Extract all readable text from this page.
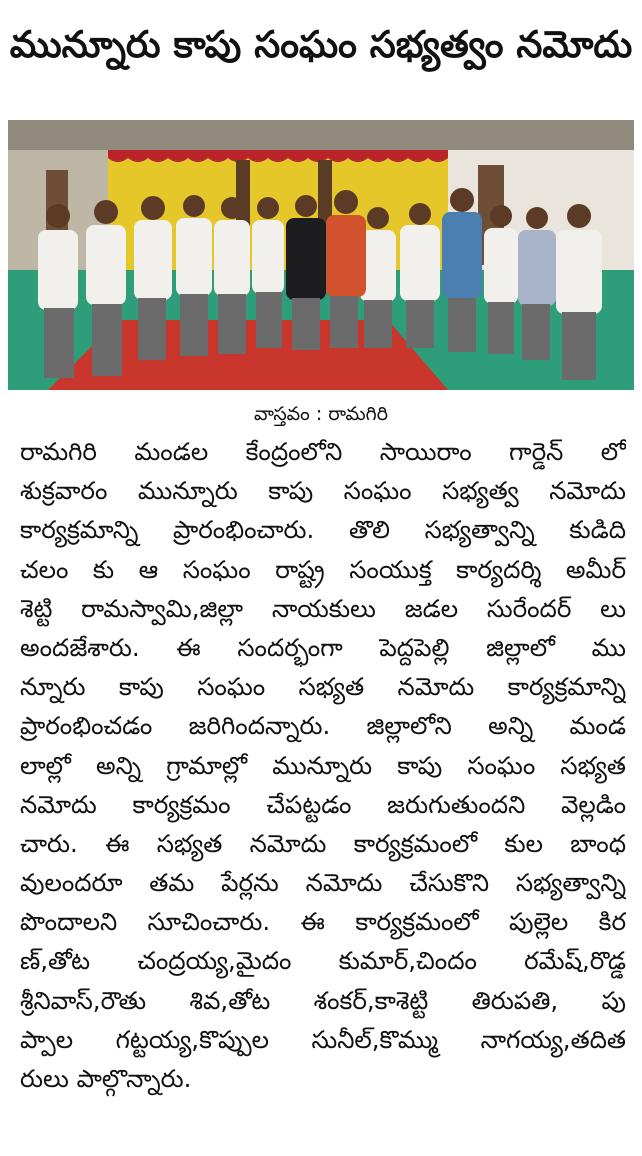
మున్నూరు కాపు సంఘం సభ్యత్వం నమోదు
వాస్తవం : రామగిరి
రామగిరి మండల కేంద్రంలోని సాయిరాం గార్డెన్ లో
శుక్రవారం మున్నూరు కాపు సంఘం సభ్యత్వ నమోదు
కార్యక్రమాన్ని ప్రారంభించారు. తొలి సభ్యత్వాన్ని కుడిది
చలం కు ఆ సంఘం రాష్ట్ర సంయుక్త కార్యదర్శి అమీర్
శెట్టి రామస్వామి,జిల్లా నాయకులు జడల సురేందర్ లు
అందజేశారు. ఈ సందర్భంగా పెద్దపెల్లి జిల్లాలో ము
న్నూరు కాపు సంఘం సభ్యత నమోదు కార్యక్రమాన్ని
ప్రారంభించడం జరిగిందన్నారు. జిల్లాలోని అన్ని మండ
లాల్లో అన్ని గ్రామాల్లో మున్నూరు కాపు సంఘం సభ్యత
నమోదు కార్యక్రమం చేపట్టడం జరుగుతుందని వెల్లడిం
చారు. ఈ సభ్యత నమోదు కార్యక్రమంలో కుల బాంధ
వులందరూ తమ పేర్లను నమోదు చేసుకొని సభ్యత్వాన్ని
పొందాలని సూచించారు. ఈ కార్యక్రమంలో పుల్లెల కిర
ణ్,తోట చంద్రయ్య,మైదం కుమార్,చిందం రమేష్,రొడ్డ
శ్రీనివాస్,రౌతు శివ,తోట శంకర్,కాశెట్టి తిరుపతి, పు
ప్పాల గట్టయ్య,కొప్పుల సునీల్,కొమ్ము నాగయ్య,తదిత
రులు పాల్గొన్నారు.
